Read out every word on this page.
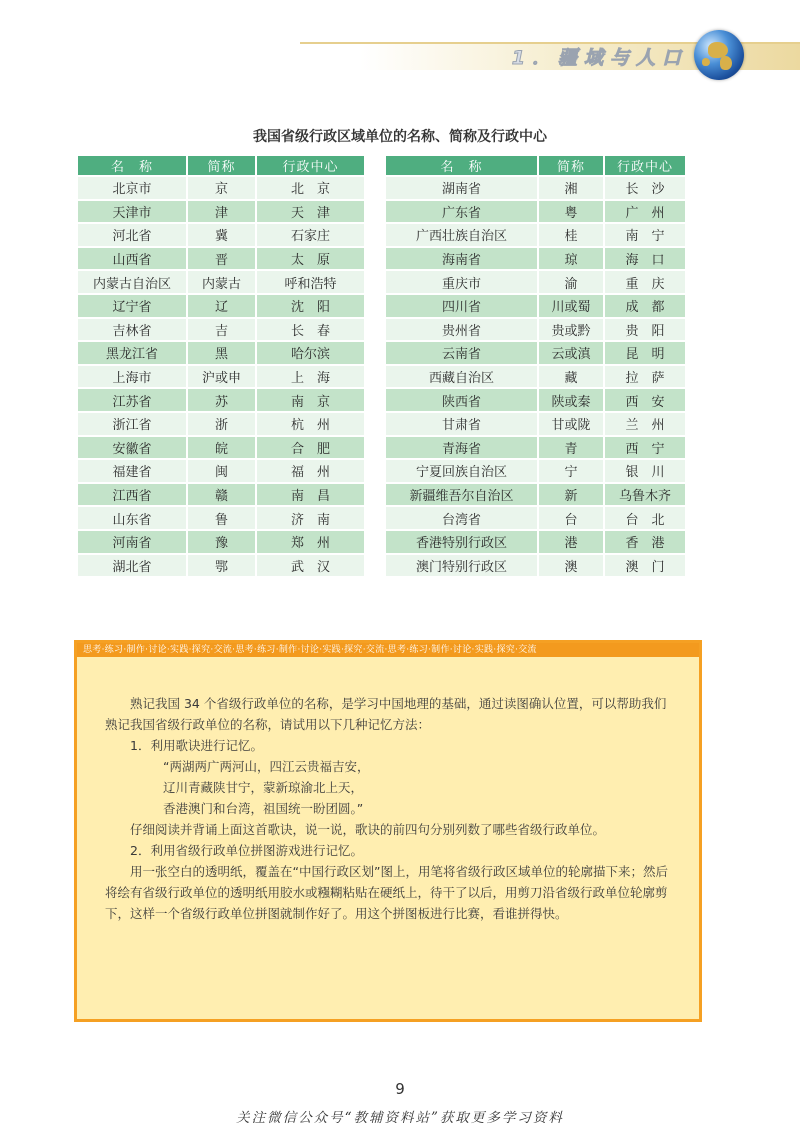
1．疆域与人口
我国省级行政区域单位的名称、简称及行政中心
名　称	简称	行政中心
北京市	京	北　京
天津市	津	天　津
河北省	冀	石家庄
山西省	晋	太　原
内蒙古自治区	内蒙古	呼和浩特
辽宁省	辽	沈　阳
吉林省	吉	长　春
黑龙江省	黑	哈尔滨
上海市	沪或申	上　海
江苏省	苏	南　京
浙江省	浙	杭　州
安徽省	皖	合　肥
福建省	闽	福　州
江西省	赣	南　昌
山东省	鲁	济　南
河南省	豫	郑　州
湖北省	鄂	武　汉
名　称	简称	行政中心
湖南省	湘	长　沙
广东省	粤	广　州
广西壮族自治区	桂	南　宁
海南省	琼	海　口
重庆市	渝	重　庆
四川省	川或蜀	成　都
贵州省	贵或黔	贵　阳
云南省	云或滇	昆　明
西藏自治区	藏	拉　萨
陕西省	陕或秦	西　安
甘肃省	甘或陇	兰　州
青海省	青	西　宁
宁夏回族自治区	宁	银　川
新疆维吾尔自治区	新	乌鲁木齐
台湾省	台	台　北
香港特别行政区	港	香　港
澳门特别行政区	澳	澳　门
思考·练习·制作·讨论·实践·探究·交流·思考·练习·制作·讨论·实践·探究·交流·思考·练习·制作·讨论·实践·探究·交流

熟记我国 34 个省级行政单位的名称，是学习中国地理的基础，通过读图确认位置，可以帮助我们熟记我国省级行政单位的名称，请试用以下几种记忆方法：

1．利用歌诀进行记忆。

“两湖两广两河山，四江云贵福吉安，

辽川青藏陕甘宁，蒙新琼渝北上天，

香港澳门和台湾，祖国统一盼团圆。”

仔细阅读并背诵上面这首歌诀，说一说，歌诀的前四句分别列数了哪些省级行政单位。

2．利用省级行政单位拼图游戏进行记忆。

用一张空白的透明纸，覆盖在“中国行政区划”图上，用笔将省级行政区域单位的轮廓描下来；然后将绘有省级行政单位的透明纸用胶水或糨糊粘贴在硬纸上，待干了以后，用剪刀沿省级行政单位轮廓剪下，这样一个省级行政单位拼图就制作好了。用这个拼图板进行比赛，看谁拼得快。

9
关注微信公众号“教辅资料站”获取更多学习资料
